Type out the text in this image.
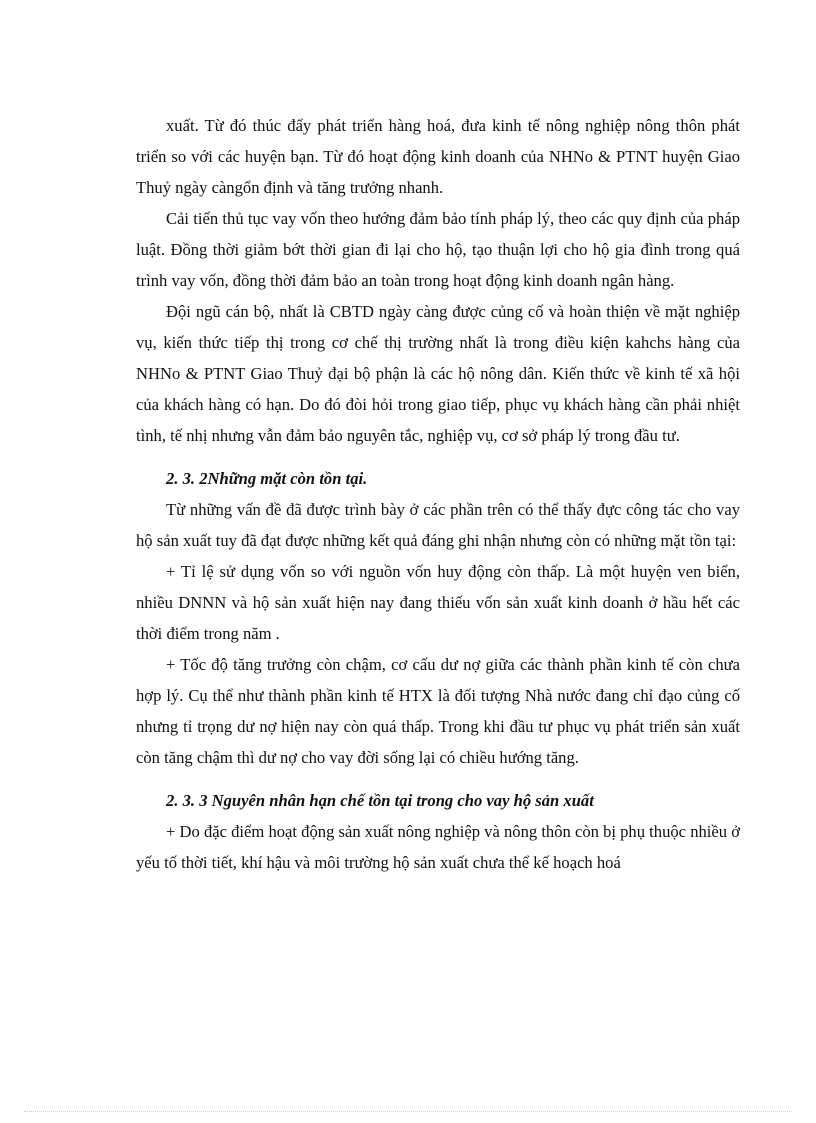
xuất. Từ đó thúc đẩy phát triển hàng hoá, đưa kinh tế nông nghiệp nông thôn phát triển so với các huyện bạn. Từ đó hoạt động kinh doanh của NHNo & PTNT huyện Giao Thuỷ ngày càngổn định và tăng trưởng nhanh.

Cải tiến thủ tục vay vốn theo hướng đảm bảo tính pháp lý, theo các quy định của pháp luật. Đồng thời giảm bớt thời gian đi lại cho hộ, tạo thuận lợi cho hộ gia đình trong quá trình vay vốn, đồng thời đảm bảo an toàn trong hoạt động kinh doanh ngân hàng.

Đội ngũ cán bộ, nhất là CBTD ngày càng được củng cố và hoàn thiện về mặt nghiệp vụ, kiến thức tiếp thị trong cơ chế thị trường nhất là trong điều kiện kahchs hàng của NHNo & PTNT Giao Thuỷ đại bộ phận là các hộ nông dân. Kiến thức về kinh tế xã hội của khách hàng có hạn. Do đó đòi hỏi trong giao tiếp, phục vụ khách hàng cần phải nhiệt tình, tế nhị nhưng vẫn đảm bảo nguyên tắc, nghiệp vụ, cơ sở pháp lý trong đầu tư.

2. 3. 2Những mặt còn tồn tại.

Từ những vấn đề đã được trình bày ở các phần trên có thể thấy đực công tác cho vay hộ sản xuất tuy đã đạt được những kết quả đáng ghi nhận nhưng còn có những mặt tồn tại:

+ Tỉ lệ sử dụng vốn so với nguồn vốn huy động còn thấp. Là một huyện ven biển, nhiều DNNN và hộ sản xuất hiện nay đang thiếu vốn sản xuất kinh doanh ở hầu hết các thời điểm trong năm .

+ Tốc độ tăng trưởng còn chậm, cơ cấu dư nợ giữa các thành phần kinh tế còn chưa hợp lý. Cụ thể như thành phần kinh tế HTX là đối tượng Nhà nước đang chỉ đạo củng cố nhưng tỉ trọng dư nợ hiện nay còn quá thấp. Trong khi đầu tư phục vụ phát triển sản xuất còn tăng chậm thì dư nợ cho vay đời sống lại có chiều hướng tăng.

2. 3. 3 Nguyên nhân hạn chế tồn tại trong cho vay hộ sản xuất

+ Do đặc điểm hoạt động sản xuất nông nghiệp và nông thôn còn bị phụ thuộc nhiều ở yếu tố thời tiết, khí hậu và môi trường hộ sản xuất chưa thể kế hoạch hoá
